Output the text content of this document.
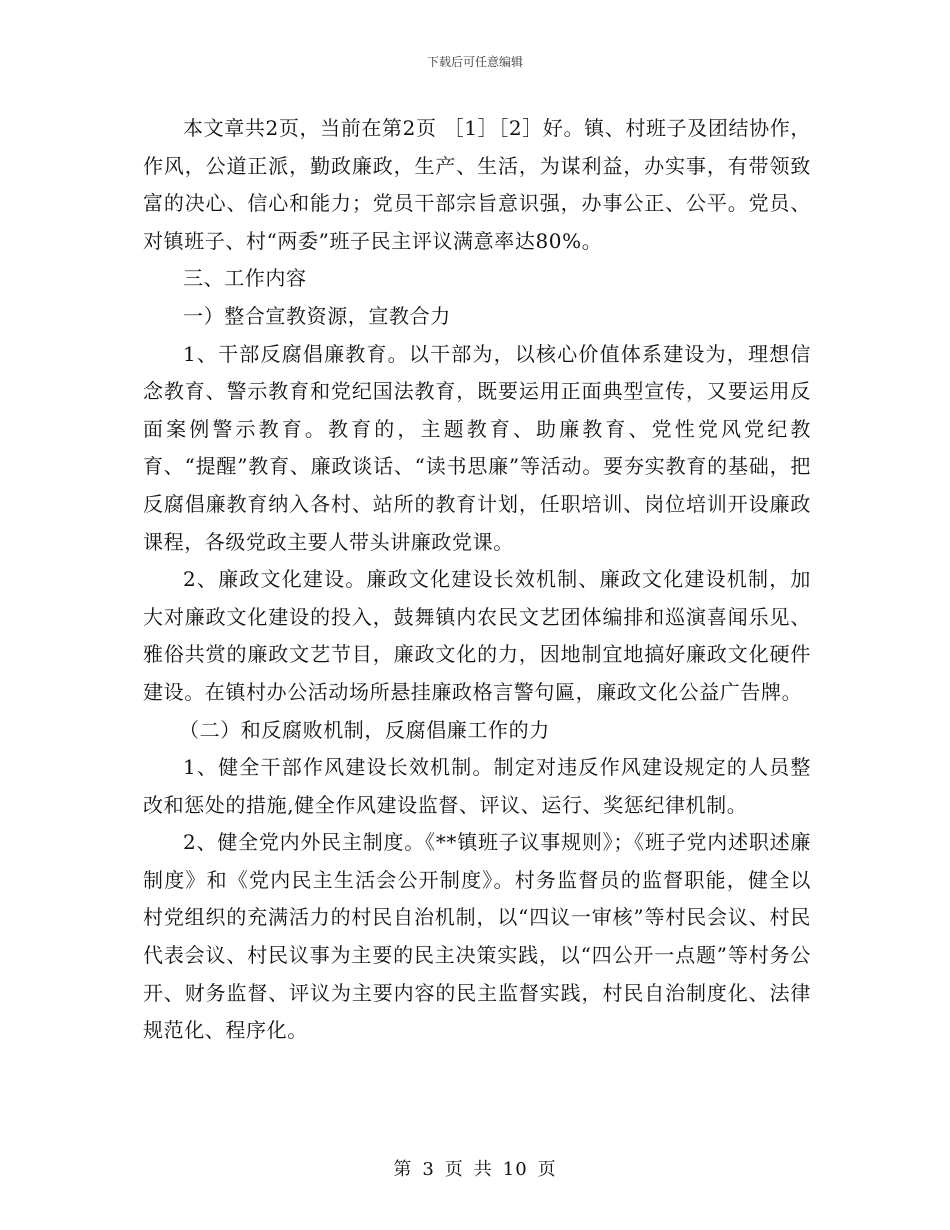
下载后可任意编辑

本文章共2页，当前在第2页 ［1］［2］好。镇、村班子及团结协作，作风，公道正派，勤政廉政，生产、生活，为谋利益，办实事，有带领致富的决心、信心和能力；党员干部宗旨意识强，办事公正、公平。党员、对镇班子、村“两委”班子民主评议满意率达80%。

三、工作内容

一）整合宣教资源，宣教合力

1、干部反腐倡廉教育。以干部为，以核心价值体系建设为，理想信念教育、警示教育和党纪国法教育，既要运用正面典型宣传，又要运用反面案例警示教育。教育的，主题教育、助廉教育、党性党风党纪教育、“提醒”教育、廉政谈话、“读书思廉”等活动。要夯实教育的基础，把反腐倡廉教育纳入各村、站所的教育计划，任职培训、岗位培训开设廉政课程，各级党政主要人带头讲廉政党课。

2、廉政文化建设。廉政文化建设长效机制、廉政文化建设机制，加大对廉政文化建设的投入，鼓舞镇内农民文艺团体编排和巡演喜闻乐见、雅俗共赏的廉政文艺节目，廉政文化的力，因地制宜地搞好廉政文化硬件建设。在镇村办公活动场所悬挂廉政格言警句匾，廉政文化公益广告牌。

（二）和反腐败机制，反腐倡廉工作的力

1、健全干部作风建设长效机制。制定对违反作风建设规定的人员整改和惩处的措施,健全作风建设监督、评议、运行、奖惩纪律机制。

2、健全党内外民主制度。《**镇班子议事规则》；《班子党内述职述廉制度》和《党内民主生活会公开制度》。村务监督员的监督职能，健全以村党组织的充满活力的村民自治机制，以“四议一审核”等村民会议、村民代表会议、村民议事为主要的民主决策实践，以“四公开一点题”等村务公开、财务监督、评议为主要内容的民主监督实践，村民自治制度化、法律规范化、程序化。

第 3 页 共 10 页
